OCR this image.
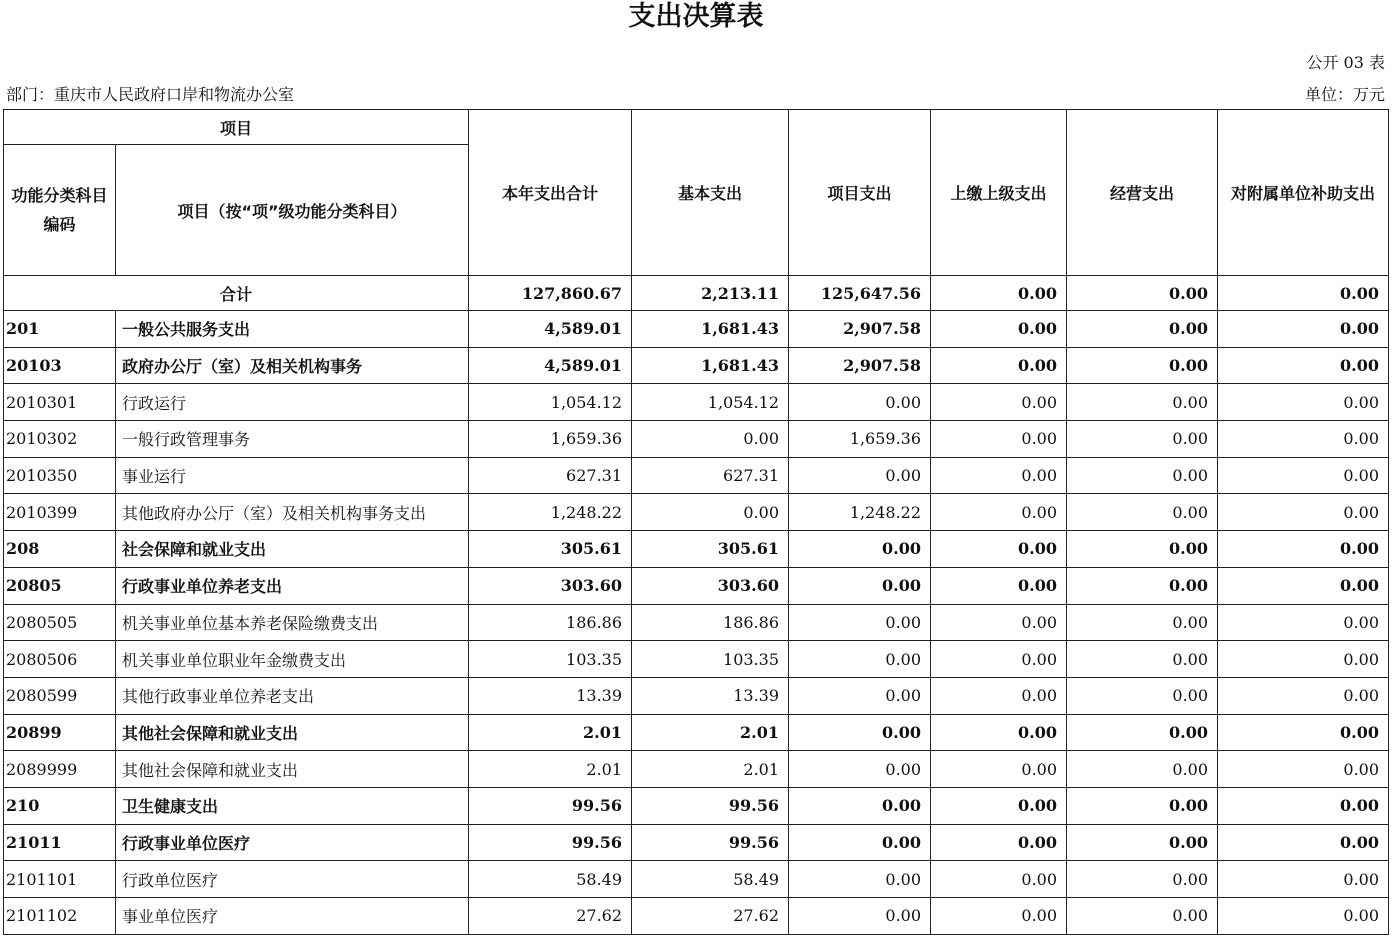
支出决算表
公开 03 表
部门：重庆市人民政府口岸和物流办公室	单位：万元
项目		本年支出合计	基本支出	项目支出	上缴上级支出	经营支出	对附属单位补助支出
功能分类科目编码	项目（按“项”级功能分类科目）						
合计		127,860.67	2,213.11	125,647.56	0.00	0.00	0.00
201	一般公共服务支出	4,589.01	1,681.43	2,907.58	0.00	0.00	0.00
20103	政府办公厅（室）及相关机构事务	4,589.01	1,681.43	2,907.58	0.00	0.00	0.00
2010301	行政运行	1,054.12	1,054.12	0.00	0.00	0.00	0.00
2010302	一般行政管理事务	1,659.36	0.00	1,659.36	0.00	0.00	0.00
2010350	事业运行	627.31	627.31	0.00	0.00	0.00	0.00
2010399	其他政府办公厅（室）及相关机构事务支出	1,248.22	0.00	1,248.22	0.00	0.00	0.00
208	社会保障和就业支出	305.61	305.61	0.00	0.00	0.00	0.00
20805	行政事业单位养老支出	303.60	303.60	0.00	0.00	0.00	0.00
2080505	机关事业单位基本养老保险缴费支出	186.86	186.86	0.00	0.00	0.00	0.00
2080506	机关事业单位职业年金缴费支出	103.35	103.35	0.00	0.00	0.00	0.00
2080599	其他行政事业单位养老支出	13.39	13.39	0.00	0.00	0.00	0.00
20899	其他社会保障和就业支出	2.01	2.01	0.00	0.00	0.00	0.00
2089999	其他社会保障和就业支出	2.01	2.01	0.00	0.00	0.00	0.00
210	卫生健康支出	99.56	99.56	0.00	0.00	0.00	0.00
21011	行政事业单位医疗	99.56	99.56	0.00	0.00	0.00	0.00
2101101	行政单位医疗	58.49	58.49	0.00	0.00	0.00	0.00
2101102	事业单位医疗	27.62	27.62	0.00	0.00	0.00	0.00
